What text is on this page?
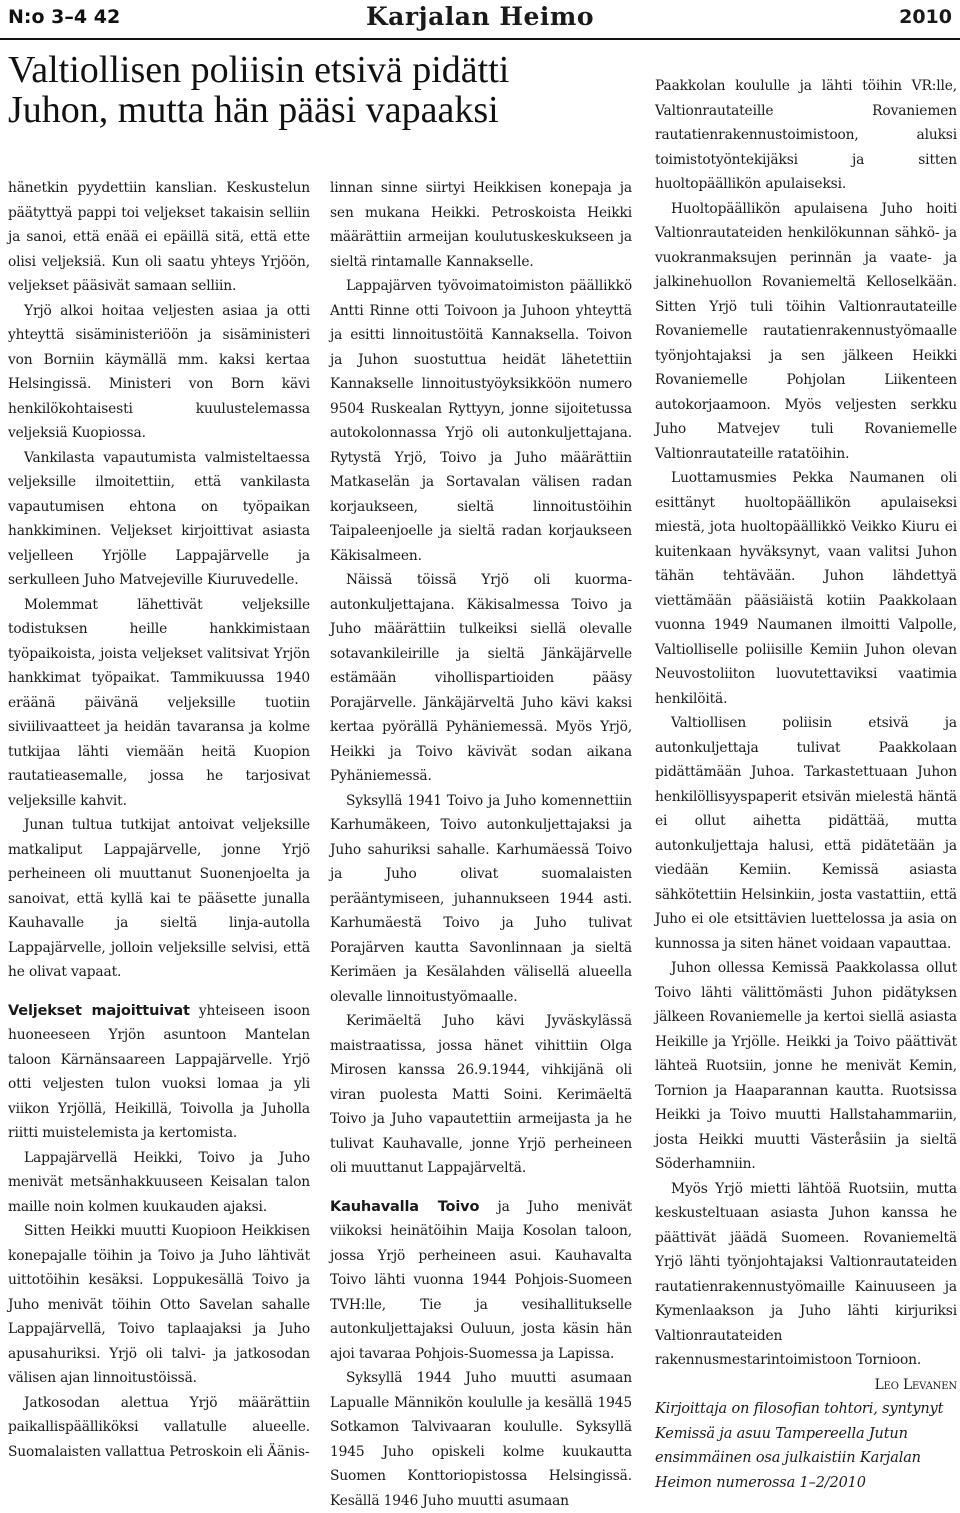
N:o 3–4 42	Karjalan Heimo	2010
Valtiollisen poliisin etsivä pidätti
Juhon, mutta hän pääsi vapaaksi

hänetkin pyydettiin kanslian. Keskustelun päätyttyä pappi toi veljekset takaisin selliin ja sanoi, että enää ei epäillä sitä, että ette olisi veljeksiä. Kun oli saatu yhteys Yrjöön, veljekset pääsivät samaan selliin.

Yrjö alkoi hoitaa veljesten asiaa ja otti yhteyttä sisäministeriöön ja sisäministeri von Borniin käymällä mm. kaksi kertaa Helsingissä. Ministeri von Born kävi henkilökohtaisesti kuulustelemassa veljeksiä Kuopiossa.

Vankilasta vapautumista valmisteltaessa veljeksille ilmoitettiin, että vankilasta vapautumisen ehtona on työpaikan hankkiminen. Veljekset kirjoittivat asiasta veljelleen Yrjölle Lappajärvelle ja serkulleen Juho Matvejeville Kiuruvedelle.

Molemmat lähettivät veljeksille todistuksen heille hankkimistaan työpaikoista, joista veljekset valitsivat Yrjön hankkimat työpaikat. Tammikuussa 1940 eräänä päivänä veljeksille tuotiin siviilivaatteet ja heidän tavaransa ja kolme tutkijaa lähti viemään heitä Kuopion rautatieasemalle, jossa he tarjosivat veljeksille kahvit.

Junan tultua tutkijat antoivat veljeksille matkaliput Lappajärvelle, jonne Yrjö perheineen oli muuttanut Suonenjoelta ja sanoivat, että kyllä kai te pääsette junalla Kauhavalle ja sieltä linja-autolla Lappajärvelle, jolloin veljeksille selvisi, että he olivat vapaat.

Veljekset majoittuivat yhteiseen isoon huoneeseen Yrjön asuntoon Mantelan taloon Kärnänsaareen Lappajärvelle. Yrjö otti veljesten tulon vuoksi lomaa ja yli viikon Yrjöllä, Heikillä, Toivolla ja Juholla riitti muistelemista ja kertomista.

Lappajärvellä Heikki, Toivo ja Juho menivät metsänhakkuuseen Keisalan talon maille noin kolmen kuukauden ajaksi.

Sitten Heikki muutti Kuopioon Heikkisen konepajalle töihin ja Toivo ja Juho lähtivät uittotöihin kesäksi. Loppukesällä Toivo ja Juho menivät töihin Otto Savelan sahalle Lappajärvellä, Toivo taplaajaksi ja Juho apusahuriksi. Yrjö oli talvi- ja jatkosodan välisen ajan linnoitustöissä.

Jatkosodan alettua Yrjö määrättiin paikallispäälliköksi vallatulle alueelle. Suomalaisten vallattua Petroskoin eli Äänis-

linnan sinne siirtyi Heikkisen konepaja ja sen mukana Heikki. Petroskoista Heikki määrättiin armeijan koulutuskeskukseen ja sieltä rintamalle Kannakselle.

Lappajärven työvoimatoimiston päällikkö Antti Rinne otti Toivoon ja Juhoon yhteyttä ja esitti linnoitustöitä Kannaksella. Toivon ja Juhon suostuttua heidät lähetettiin Kannakselle linnoitustyöyksikköön numero 9504 Ruskealan Ryttyyn, jonne sijoitetussa autokolonnassa Yrjö oli autonkuljettajana. Rytystä Yrjö, Toivo ja Juho määrättiin Matkaselän ja Sortavalan välisen radan korjaukseen, sieltä linnoitustöihin Taipaleenjoelle ja sieltä radan korjaukseen Käkisalmeen.

Näissä töissä Yrjö oli kuorma-autonkuljettajana. Käkisalmessa Toivo ja Juho määrättiin tulkeiksi siellä olevalle sotavankileirille ja sieltä Jänkäjärvelle estämään vihollispartioiden pääsy Porajärvelle. Jänkäjärveltä Juho kävi kaksi kertaa pyörällä Pyhäniemessä. Myös Yrjö, Heikki ja Toivo kävivät sodan aikana Pyhäniemessä.

Syksyllä 1941 Toivo ja Juho komennettiin Karhumäkeen, Toivo autonkuljettajaksi ja Juho sahuriksi sahalle. Karhumäessä Toivo ja Juho olivat suomalaisten perääntymiseen, juhannukseen 1944 asti. Karhumäestä Toivo ja Juho tulivat Porajärven kautta Savonlinnaan ja sieltä Kerimäen ja Kesälahden välisellä alueella olevalle linnoitustyömaalle.

Kerimäeltä Juho kävi Jyväskylässä maistraatissa, jossa hänet vihittiin Olga Mirosen kanssa 26.9.1944, vihkijänä oli viran puolesta Matti Soini. Kerimäeltä Toivo ja Juho vapautettiin armeijasta ja he tulivat Kauhavalle, jonne Yrjö perheineen oli muuttanut Lappajärveltä.

Kauhavalla Toivo ja Juho menivät viikoksi heinätöihin Maija Kosolan taloon, jossa Yrjö perheineen asui. Kauhavalta Toivo lähti vuonna 1944 Pohjois-Suomeen TVH:lle, Tie ja vesihallitukselle autonkuljettajaksi Ouluun, josta käsin hän ajoi tavaraa Pohjois-Suomessa ja Lapissa.

Syksyllä 1944 Juho muutti asumaan Lapualle Männikön koululle ja kesällä 1945 Sotkamon Talvivaaran koululle. Syksyllä 1945 Juho opiskeli kolme kuukautta Suomen Konttoriopistossa Helsingissä. Kesällä 1946 Juho muutti asumaan

Paakkolan koululle ja lähti töihin VR:lle, Valtionrautateille Rovaniemen rautatienrakennustoimistoon, aluksi toimistotyöntekijäksi ja sitten huoltopäällikön apulaiseksi.

Huoltopäällikön apulaisena Juho hoiti Valtionrautateiden henkilökunnan sähkö- ja vuokranmaksujen perinnän ja vaate- ja jalkinehuollon Rovaniemeltä Kelloselkään. Sitten Yrjö tuli töihin Valtionrautateille Rovaniemelle rautatienrakennustyömaalle työnjohtajaksi ja sen jälkeen Heikki Rovaniemelle Pohjolan Liikenteen autokorjaamoon. Myös veljesten serkku Juho Matvejev tuli Rovaniemelle Valtionrautateille ratatöihin.

Luottamusmies Pekka Naumanen oli esittänyt huoltopäällikön apulaiseksi miestä, jota huoltopäällikkö Veikko Kiuru ei kuitenkaan hyväksynyt, vaan valitsi Juhon tähän tehtävään. Juhon lähdettyä viettämään pääsiäistä kotiin Paakkolaan vuonna 1949 Naumanen ilmoitti Valpolle, Valtiolliselle poliisille Kemiin Juhon olevan Neuvostoliiton luovutettaviksi vaatimia henkilöitä.

Valtiollisen poliisin etsivä ja autonkuljettaja tulivat Paakkolaan pidättämään Juhoa. Tarkastettuaan Juhon henkilöllisyyspaperit etsivän mielestä häntä ei ollut aihetta pidättää, mutta autonkuljettaja halusi, että pidätetään ja viedään Kemiin. Kemissä asiasta sähkötettiin Helsinkiin, josta vastattiin, että Juho ei ole etsittävien luettelossa ja asia on kunnossa ja siten hänet voidaan vapauttaa.

Juhon ollessa Kemissä Paakkolassa ollut Toivo lähti välittömästi Juhon pidätyksen jälkeen Rovaniemelle ja kertoi siellä asiasta Heikille ja Yrjölle. Heikki ja Toivo päättivät lähteä Ruotsiin, jonne he menivät Kemin, Tornion ja Haaparannan kautta. Ruotsissa Heikki ja Toivo muutti Hallstahammariin, josta Heikki muutti Västeråsiin ja sieltä Söderhamniin.

Myös Yrjö mietti lähtöä Ruotsiin, mutta keskusteltuaan asiasta Juhon kanssa he päättivät jäädä Suomeen. Rovaniemeltä Yrjö lähti työnjohtajaksi Valtionrautateiden rautatienrakennustyömaille Kainuuseen ja Kymenlaakson ja Juho lähti kirjuriksi Valtionrautateiden rakennusmestarintoimistoon Tornioon.

Leo Levanen

Kirjoittaja on filosofian tohtori, syntynyt Kemissä ja asuu Tampereella Jutun ensimmäinen osa julkaistiin Karjalan Heimon numerossa 1–2/2010
